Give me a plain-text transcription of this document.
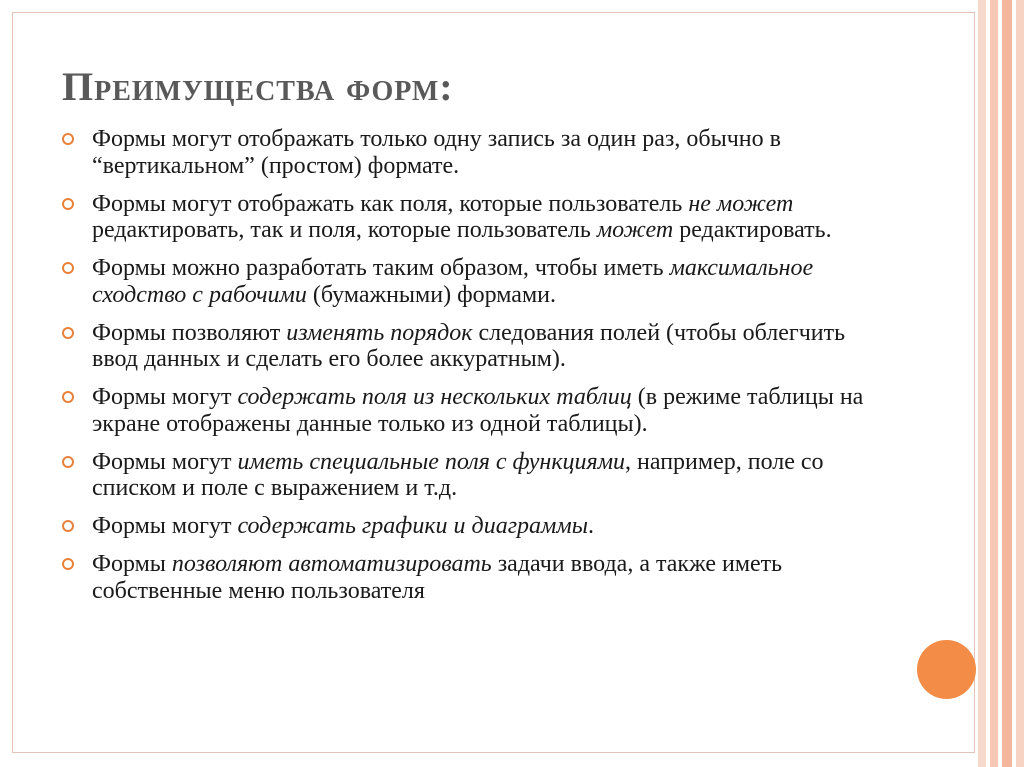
Преимущества форм:
Формы могут отображать только одну запись за один раз, обычно в “вертикальном” (простом) формате.
Формы могут отображать как поля, которые пользователь не может редактировать, так и поля, которые пользователь может редактировать.
Формы можно разработать таким образом, чтобы иметь максимальное сходство с рабочими (бумажными) формами.
Формы позволяют изменять порядок следования полей (чтобы облегчить ввод данных и сделать его более аккуратным).
Формы могут содержать поля из нескольких таблиц (в режиме таблицы на экране отображены данные только из одной таблицы).
Формы могут иметь специальные поля с функциями, например, поле со списком и поле с выражением и т.д.
Формы могут содержать графики и диаграммы.
Формы позволяют автоматизировать задачи ввода, а также иметь собственные меню пользователя
